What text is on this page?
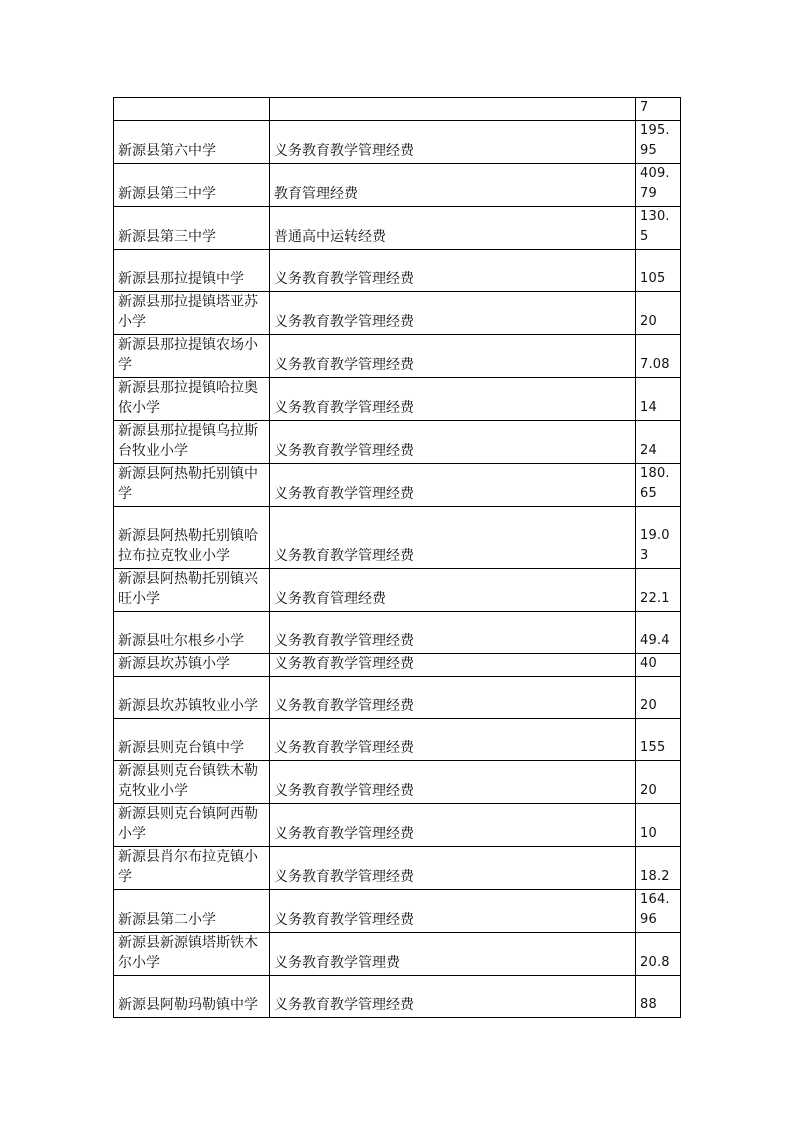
		7
新源县第六中学	义务教育教学管理经费	195.95
新源县第三中学	教育管理经费	409.79
新源县第三中学	普通高中运转经费	130.5
新源县那拉提镇中学	义务教育教学管理经费	105
新源县那拉提镇塔亚苏小学	义务教育教学管理经费	20
新源县那拉提镇农场小学	义务教育教学管理经费	7.08
新源县那拉提镇哈拉奥依小学	义务教育教学管理经费	14
新源县那拉提镇乌拉斯台牧业小学	义务教育教学管理经费	24
新源县阿热勒托别镇中学	义务教育教学管理经费	180.65
新源县阿热勒托别镇哈拉布拉克牧业小学	义务教育教学管理经费	19.03
新源县阿热勒托别镇兴旺小学	义务教育管理经费	22.1
新源县吐尔根乡小学	义务教育教学管理经费	49.4
新源县坎苏镇小学	义务教育教学管理经费	40
新源县坎苏镇牧业小学	义务教育教学管理经费	20
新源县则克台镇中学	义务教育教学管理经费	155
新源县则克台镇铁木勒克牧业小学	义务教育教学管理经费	20
新源县则克台镇阿西勒小学	义务教育教学管理经费	10
新源县肖尔布拉克镇小学	义务教育教学管理经费	18.2
新源县第二小学	义务教育教学管理经费	164.96
新源县新源镇塔斯铁木尔小学	义务教育教学管理费	20.8
新源县阿勒玛勒镇中学	义务教育教学管理经费	88
